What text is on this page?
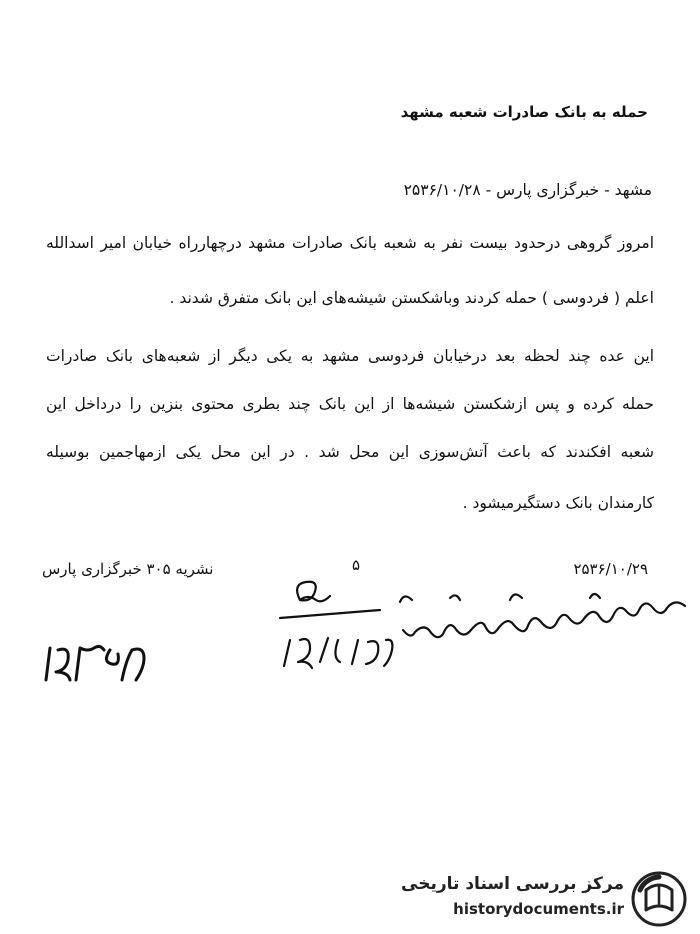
حمله به بانک صادرات شعبه مشهد
مشهد - خبرگزاری پارس - ۲۵۳۶/۱۰/۲۸
امروز گروهی درحدود بیست نفر به شعبه بانک صادرات مشهد درچهارراه خیابان امیر اسدالله
اعلم ( فردوسی ) حمله کردند وباشکستن شیشه‌های این بانک متفرق شدند .
این عده چند لحظه بعد درخیابان فردوسی مشهد به یکی دیگر از شعبه‌های بانک صادرات
حمله کرده و پس ازشکستن شیشه‌ها از این بانک چند بطری محتوی بنزین را درداخل این
شعبه افکندند که باعث آتش‌سوزی این محل شد . در این محل یکی ازمهاجمین بوسیله
کارمندان بانک دستگیرمیشود .
نشریه ۳۰۵ خبرگزاری پارس	۵	۲۵۳۶/۱۰/۲۹
مرکز بررسی اسناد تاریخی
historydocuments.ir
